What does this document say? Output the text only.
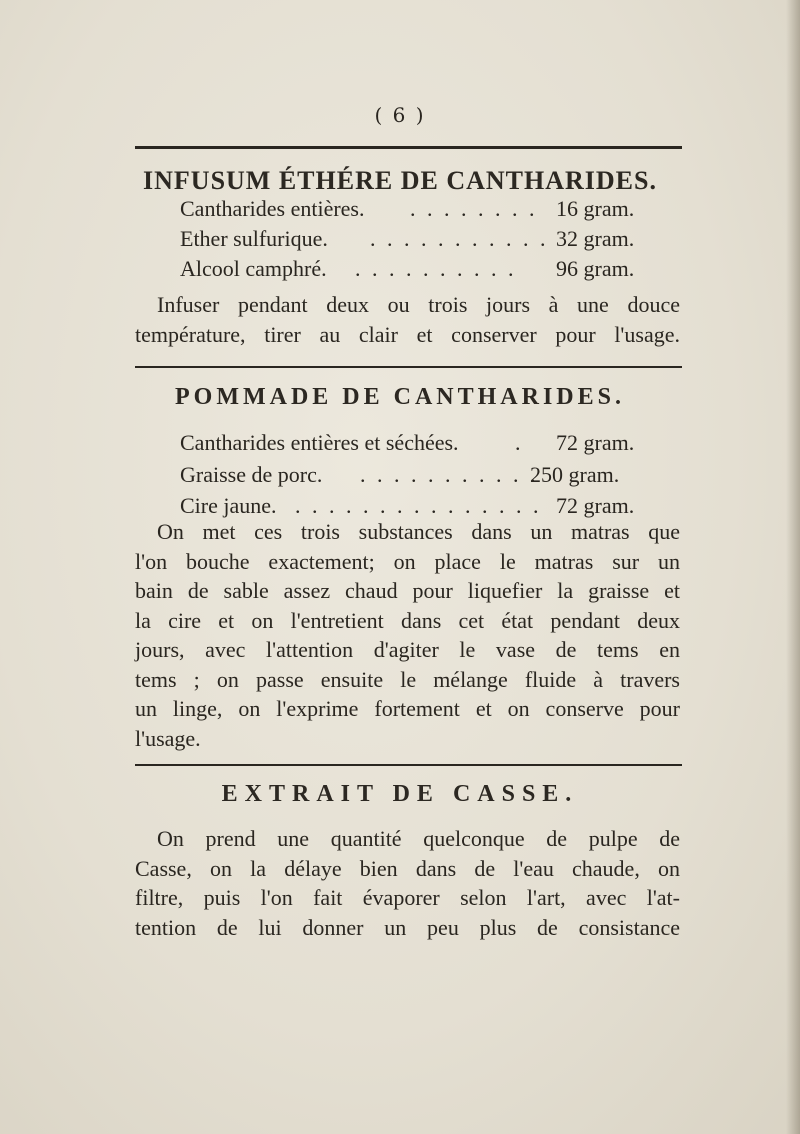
( 6 )
INFUSUM ÉTHÉRE DE CANTHARIDES.
Cantharides entières. . . . . . . . . 16 gram.
Ether sulfurique. . . . . . . . . . . . 32 gram.
Alcool camphré. . . . . . . . . . . 96 gram.
Infuser pendant deux ou trois jours à une douce
température, tirer au clair et conserver pour l'usage.
POMMADE DE CANTHARIDES.
Cantharides entières et séchées.	. 72 gram.
Graisse de porc. . . . . . . . . . . .
250 gram.
Cire jaune. . . . . . . . . . . . . . . . 72 gram.
On met ces trois substances dans un matras que
l'on bouche exactement; on place le matras sur un
bain de sable assez chaud pour liquefier la graisse et
la cire et on l'entretient dans cet état pendant deux
jours, avec l'attention d'agiter le vase de tems en
tems ; on passe ensuite le mélange fluide à travers
un linge, on l'exprime fortement et on conserve pour
l'usage.
EXTRAIT DE CASSE.
On prend une quantité quelconque de pulpe de
Casse, on la délaye bien dans de l'eau chaude, on
filtre, puis l'on fait évaporer selon l'art, avec l'at-
tention de lui donner un peu plus de consistance
